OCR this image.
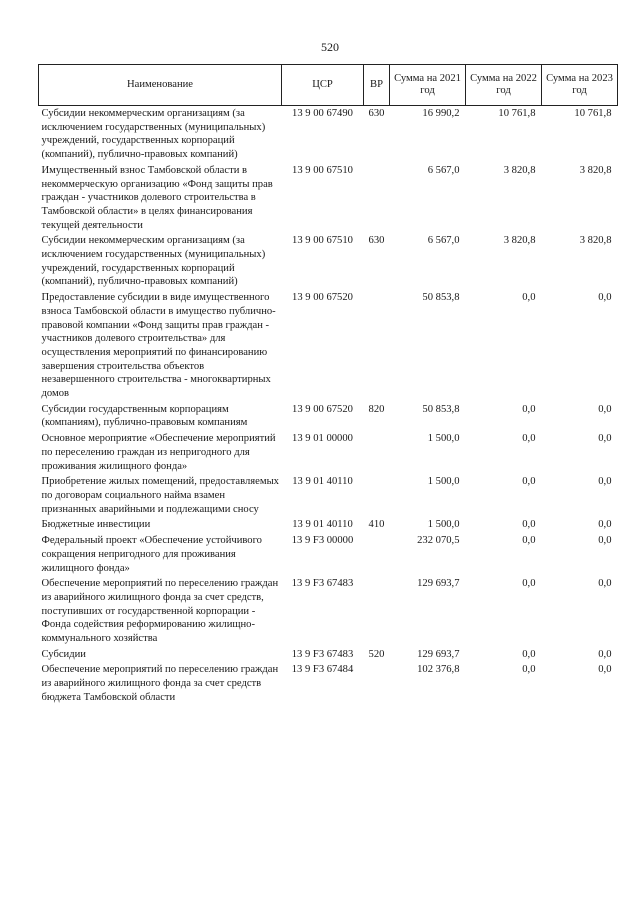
520
Наименование	ЦСР	ВР	Сумма на 2021 год	Сумма на 2022 год	Сумма на 2023 год
Субсидии некоммерческим организациям (за исключением государственных (муниципальных) учреждений, государственных корпораций (компаний), публично-правовых компаний)	13 9 00 67490	630	16 990,2	10 761,8	10 761,8
Имущественный взнос Тамбовской области в некоммерческую организацию «Фонд защиты прав граждан - участников долевого строительства в Тамбовской области» в целях финансирования текущей деятельности	13 9 00 67510		6 567,0	3 820,8	3 820,8
Субсидии некоммерческим организациям (за исключением государственных (муниципальных) учреждений, государственных корпораций (компаний), публично-правовых компаний)	13 9 00 67510	630	6 567,0	3 820,8	3 820,8
Предоставление субсидии в виде имущественного взноса Тамбовской области в имущество публично-правовой компании «Фонд защиты прав граждан - участников долевого строительства» для осуществления мероприятий по финансированию завершения строительства объектов незавершенного строительства - многоквартирных домов	13 9 00 67520		50 853,8	0,0	0,0
Субсидии государственным корпорациям (компаниям), публично-правовым компаниям	13 9 00 67520	820	50 853,8	0,0	0,0
Основное мероприятие «Обеспечение мероприятий по переселению граждан из непригодного для проживания жилищного фонда»	13 9 01 00000		1 500,0	0,0	0,0
Приобретение жилых помещений, предоставляемых по договорам социального найма взамен признанных аварийными и подлежащими сносу	13 9 01 40110		1 500,0	0,0	0,0
Бюджетные инвестиции	13 9 01 40110	410	1 500,0	0,0	0,0
Федеральный проект «Обеспечение устойчивого сокращения непригодного для проживания жилищного фонда»	13 9 F3 00000		232 070,5	0,0	0,0
Обеспечение мероприятий по переселению граждан из аварийного жилищного фонда за счет средств, поступивших от государственной корпорации - Фонда содействия реформированию жилищно-коммунального хозяйства	13 9 F3 67483		129 693,7	0,0	0,0
Субсидии	13 9 F3 67483	520	129 693,7	0,0	0,0
Обеспечение мероприятий по переселению граждан из аварийного жилищного фонда за счет средств бюджета Тамбовской области	13 9 F3 67484		102 376,8	0,0	0,0
